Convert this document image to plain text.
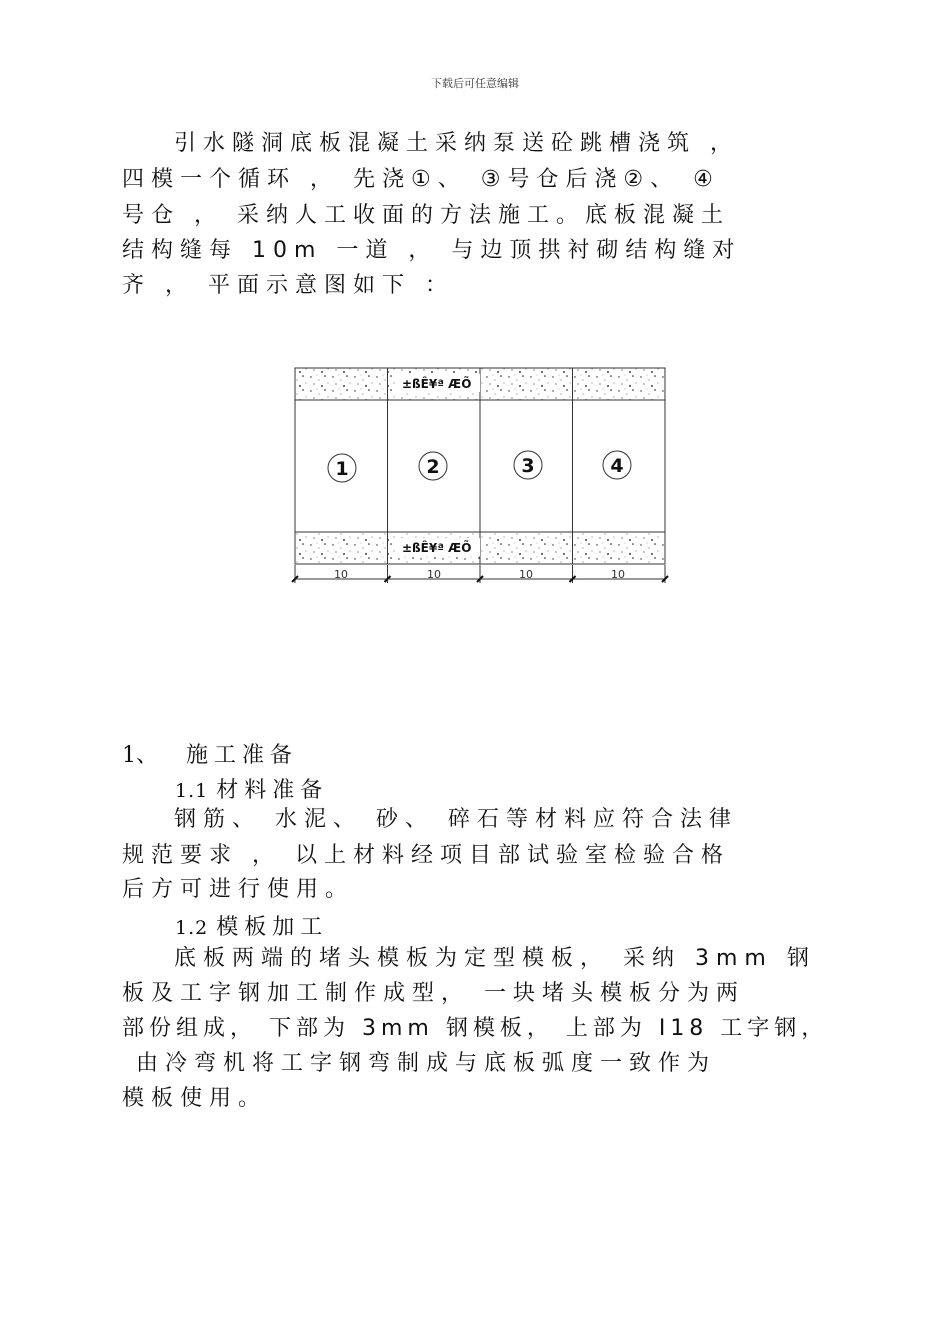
下载后可任意编辑
引水隧洞底板混凝土采纳泵送砼跳槽浇筑 ，
四模一个循环 ， 先浇①、 ③号仓后浇②、 ④
号仓 ， 采纳人工收面的方法施工。底板混凝土
结构缝每 10m 一道 ， 与边顶拱衬砌结构缝对
齐 ， 平面示意图如下 ：
±ßÊ¥ª ÆÕ
±ßÊ¥ª ÆÕ
1	2	3	4
10	10	10	10
1、 施工准备
1.1 材料准备
钢筋、 水泥、 砂、 碎石等材料应符合法律
规范要求 ， 以上材料经项目部试验室检验合格
后方可进行使用。
1.2 模板加工
底板两端的堵头模板为定型模板， 采纳 3mm 钢
板及工字钢加工制作成型， 一块堵头模板分为两
部份组成， 下部为 3mm 钢模板， 上部为 I18 工字钢，
由冷弯机将工字钢弯制成与底板弧度一致作为
模板使用。
